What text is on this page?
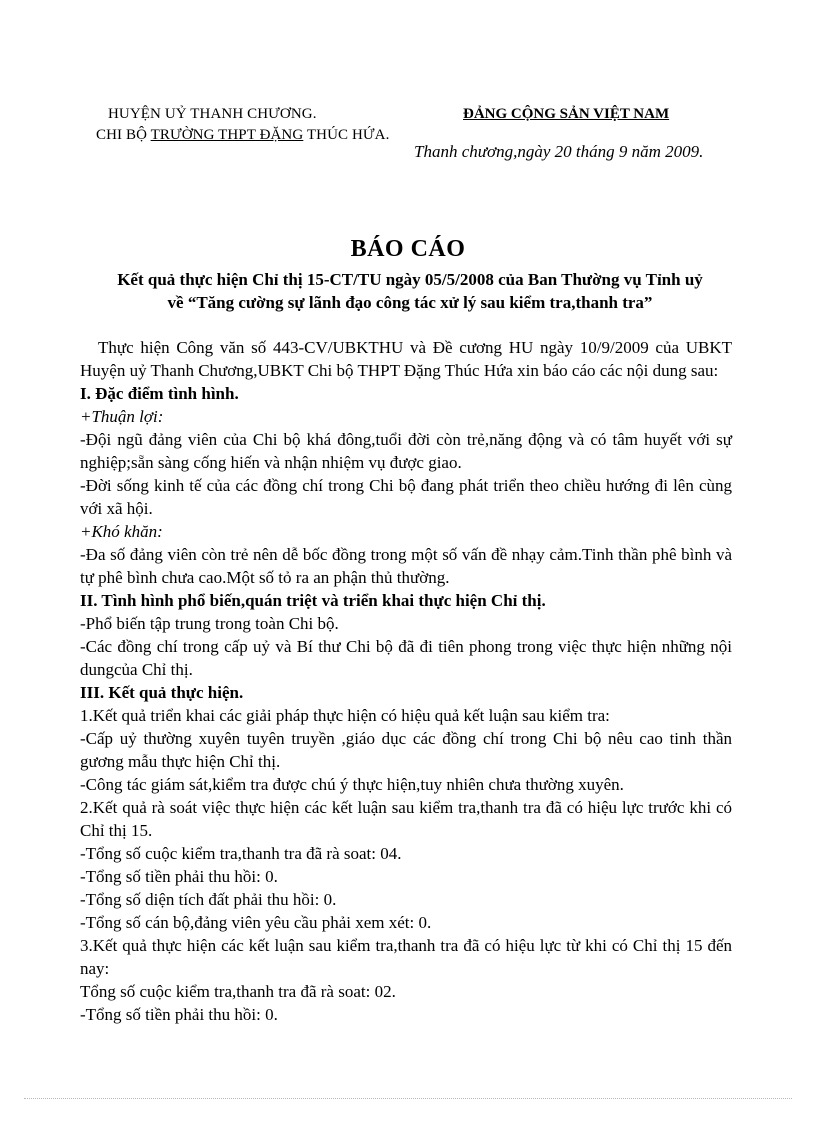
HUYỆN UỶ THANH CHƯƠNG.
CHI BỘ TRƯỜNG THPT ĐẶNG THÚC HỨA.
ĐẢNG CỘNG SẢN VIỆT NAM
Thanh chương,ngày 20 tháng 9 năm 2009.
BÁO CÁO
Kết quả thực hiện Chỉ thị 15-CT/TU ngày 05/5/2008 của Ban Thường vụ Tỉnh uỷ
về “Tăng cường sự lãnh đạo công tác xử lý sau kiểm tra,thanh tra”

Thực hiện Công văn số 443-CV/UBKTHU và Đề cương HU ngày 10/9/2009 của UBKT Huyện uỷ Thanh Chương,UBKT Chi bộ THPT Đặng Thúc Hứa xin báo cáo các nội dung sau:

I. Đặc điểm tình hình.

+Thuận lợi:

-Đội ngũ đảng viên của Chi bộ khá đông,tuổi đời còn trẻ,năng động và có tâm huyết với sự nghiệp;sẵn sàng cống hiến và nhận nhiệm vụ được giao.

-Đời sống kinh tế của các đồng chí trong Chi bộ đang phát triển theo chiều hướng đi lên cùng với xã hội.

+Khó khăn:

-Đa số đảng viên còn trẻ nên dễ bốc đồng trong một số vấn đề nhạy cảm.Tinh thần phê bình và tự phê bình chưa cao.Một số tỏ ra an phận thủ thường.

II. Tình hình phổ biến,quán triệt và triển khai thực hiện Chỉ thị.

-Phổ biến tập trung trong toàn Chi bộ.

-Các đồng chí trong cấp uỷ và Bí thư Chi bộ đã đi tiên phong trong việc thực hiện những nội dungcủa Chỉ thị.

III. Kết quả thực hiện.

1.Kết quả triển khai các giải pháp thực hiện có hiệu quả kết luận sau kiểm tra:

-Cấp uỷ thường xuyên tuyên truyền ,giáo dục các đồng chí trong Chi bộ nêu cao tinh thần gương mẫu thực hiện Chỉ thị.

-Công tác giám sát,kiểm tra được chú ý thực hiện,tuy nhiên chưa thường xuyên.

2.Kết quả rà soát việc thực hiện các kết luận sau kiểm tra,thanh tra đã có hiệu lực trước khi có Chỉ thị 15.

-Tổng số cuộc kiểm tra,thanh tra đã rà soat: 04.

-Tổng số tiền phải thu hồi: 0.

-Tổng số diện tích đất phải thu hồi: 0.

-Tổng số cán bộ,đảng viên yêu cầu phải xem xét: 0.

3.Kết quả thực hiện các kết luận sau kiểm tra,thanh tra đã có hiệu lực từ khi có Chỉ thị 15 đến nay:

Tổng số cuộc kiểm tra,thanh tra đã rà soat: 02.

-Tổng số tiền phải thu hồi: 0.
